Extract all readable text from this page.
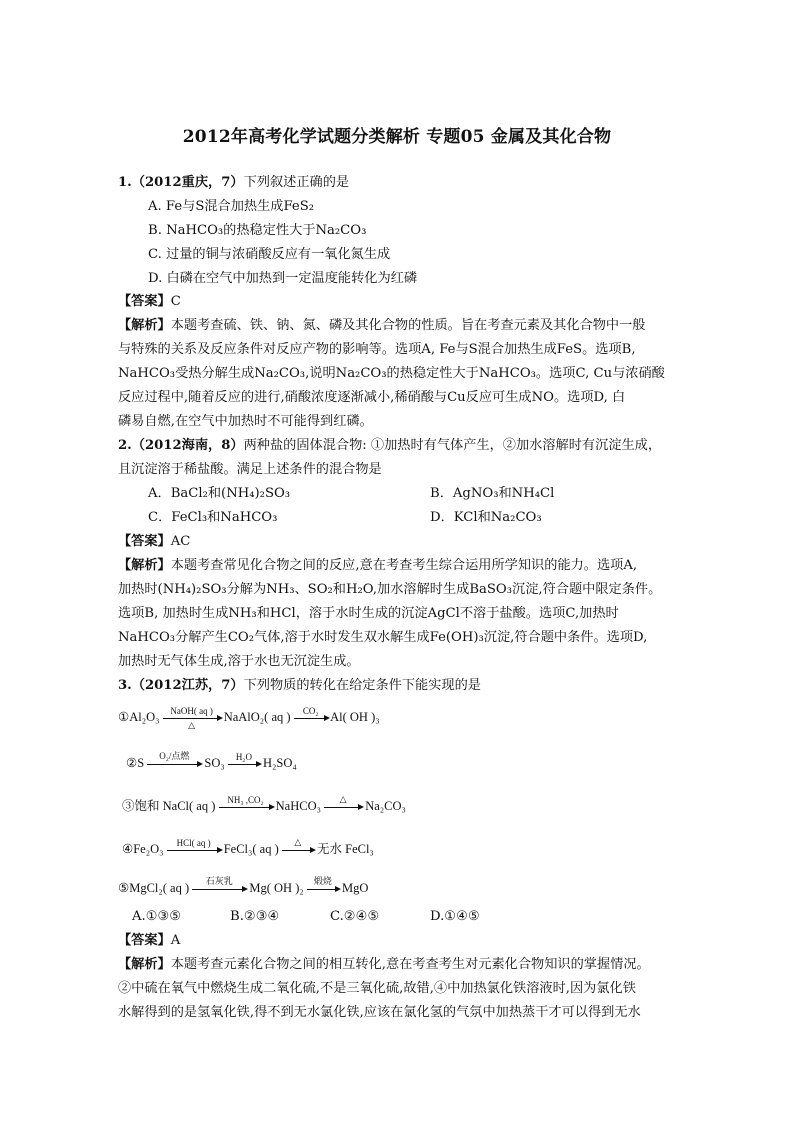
2012年高考化学试题分类解析 专题05 金属及其化合物
1.（2012重庆，7）下列叙述正确的是
A. Fe与S混合加热生成FeS₂
B. NaHCO₃的热稳定性大于Na₂CO₃
C. 过量的铜与浓硝酸反应有一氧化氮生成
D. 白磷在空气中加热到一定温度能转化为红磷
【答案】C
【解析】本题考查硫、铁、钠、氮、磷及其化合物的性质。旨在考查元素及其化合物中一般
与特殊的关系及反应条件对反应产物的影响等。选项A, Fe与S混合加热生成FeS。选项B,
NaHCO₃受热分解生成Na₂CO₃,说明Na₂CO₃的热稳定性大于NaHCO₃。选项C, Cu与浓硝酸
反应过程中,随着反应的进行,硝酸浓度逐渐减小,稀硝酸与Cu反应可生成NO。选项D, 白
磷易自燃,在空气中加热时不可能得到红磷。
2.（2012海南，8）两种盐的固体混合物: ①加热时有气体产生，②加水溶解时有沉淀生成，
且沉淀溶于稀盐酸。满足上述条件的混合物是
A．BaCl₂和(NH₄)₂SO₃	B．AgNO₃和NH₄Cl
C．FeCl₃和NaHCO₃	D．KCl和Na₂CO₃
【答案】AC
【解析】本题考查常见化合物之间的反应,意在考查考生综合运用所学知识的能力。选项A,
加热时(NH₄)₂SO₃分解为NH₃、SO₂和H₂O,加水溶解时生成BaSO₃沉淀,符合题中限定条件。
选项B, 加热时生成NH₃和HCl，溶于水时生成的沉淀AgCl不溶于盐酸。选项C,加热时
NaHCO₃分解产生CO₂气体,溶于水时发生双水解生成Fe(OH)₃沉淀,符合题中条件。选项D,
加热时无气体生成,溶于水也无沉淀生成。
3.（2012江苏，7）下列物质的转化在给定条件下能实现的是
①Al₂O₃	NaOH( aq )
△
NaAlO₂( aq )	CO₂ Al( OH )₃
②S
O₂/点燃
SO₃	H₂O H₂SO₄
③饱和 NaCl( aq )	NH₃ ,CO₂ NaHCO₃
△
Na₂CO₃
④Fe₂O₃	HCl( aq )	FeCl₃( aq )
△
无水 FeCl₃
⑤MgCl₂( aq )
石灰乳
Mg( OH )₂
煅烧
MgO
A.①③⑤	B.②③④	C.②④⑤	D.①④⑤
【答案】A
【解析】本题考查元素化合物之间的相互转化,意在考查考生对元素化合物知识的掌握情况。
②中硫在氧气中燃烧生成二氧化硫,不是三氧化硫,故错,④中加热氯化铁溶液时,因为氯化铁
水解得到的是氢氧化铁,得不到无水氯化铁,应该在氯化氢的气氛中加热蒸干才可以得到无水
